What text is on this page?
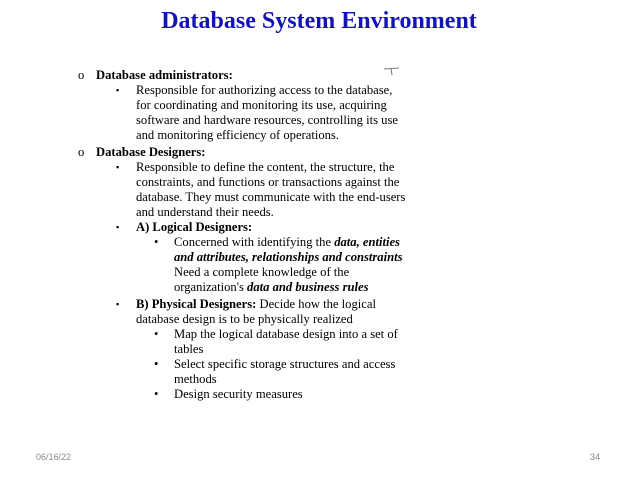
Database System Environment
o Database administrators:
▪ Responsible for authorizing access to the database, for coordinating and monitoring its use, acquiring software and hardware resources, controlling its use and monitoring efficiency of operations.
o Database Designers:
▪ Responsible to define the content, the structure, the constraints, and functions or transactions against the database. They must communicate with the end-users and understand their needs.
▪ A) Logical Designers:
• Concerned with identifying the data, entities and attributes, relationships and constraints
Need a complete knowledge of the organization's data and business rules
▪ B) Physical Designers: Decide how the logical database design is to be physically realized
• Map the logical database design into a set of tables
• Select specific storage structures and access methods
• Design security measures
06/16/22	34
